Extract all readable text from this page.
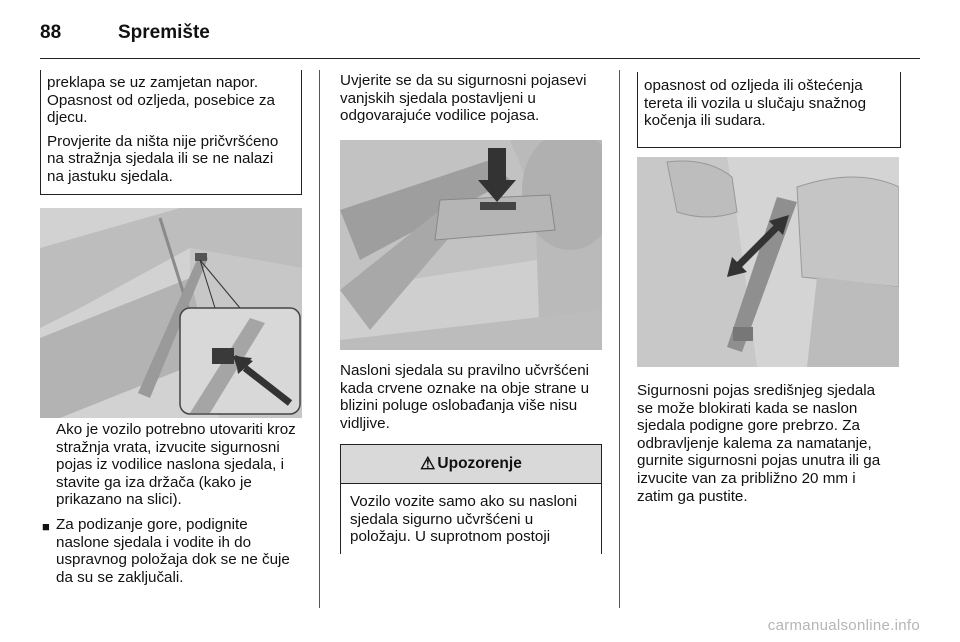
88	Spremište

preklapa se uz zamjetan napor.

Opasnost od ozljeda, posebice za

djecu.

Provjerite da ništa nije pričvršćeno

na stražnja sjedala ili se ne nalazi

na jastuku sjedala.

Ako je vozilo potrebno utovariti kroz

stražnja vrata, izvucite sigurnosni

pojas iz vodilice naslona sjedala, i

stavite ga iza držača (kako je

prikazano na slici).

■ Za podizanje gore, podignite

naslone sjedala i vodite ih do

uspravnog položaja dok se ne čuje

da su se zaključali.

Uvjerite se da su sigurnosni pojasevi

vanjskih sjedala postavljeni u

odgovarajuće vodilice pojasa.

Nasloni sjedala su pravilno učvršćeni

kada crvene oznake na obje strane u

blizini poluge oslobađanja više nisu

vidljive.

⚠ Upozorenje

Vozilo vozite samo ako su nasloni

sjedala sigurno učvršćeni u

položaju. U suprotnom postoji

opasnost od ozljeda ili oštećenja

tereta ili vozila u slučaju snažnog

kočenja ili sudara.

Sigurnosni pojas središnjeg sjedala

se može blokirati kada se naslon

sjedala podigne gore prebrzo. Za

odbravljenje kalema za namatanje,

gurnite sigurnosni pojas unutra ili ga

izvucite van za približno 20 mm i

zatim ga pustite.

carmanualsonline.info
